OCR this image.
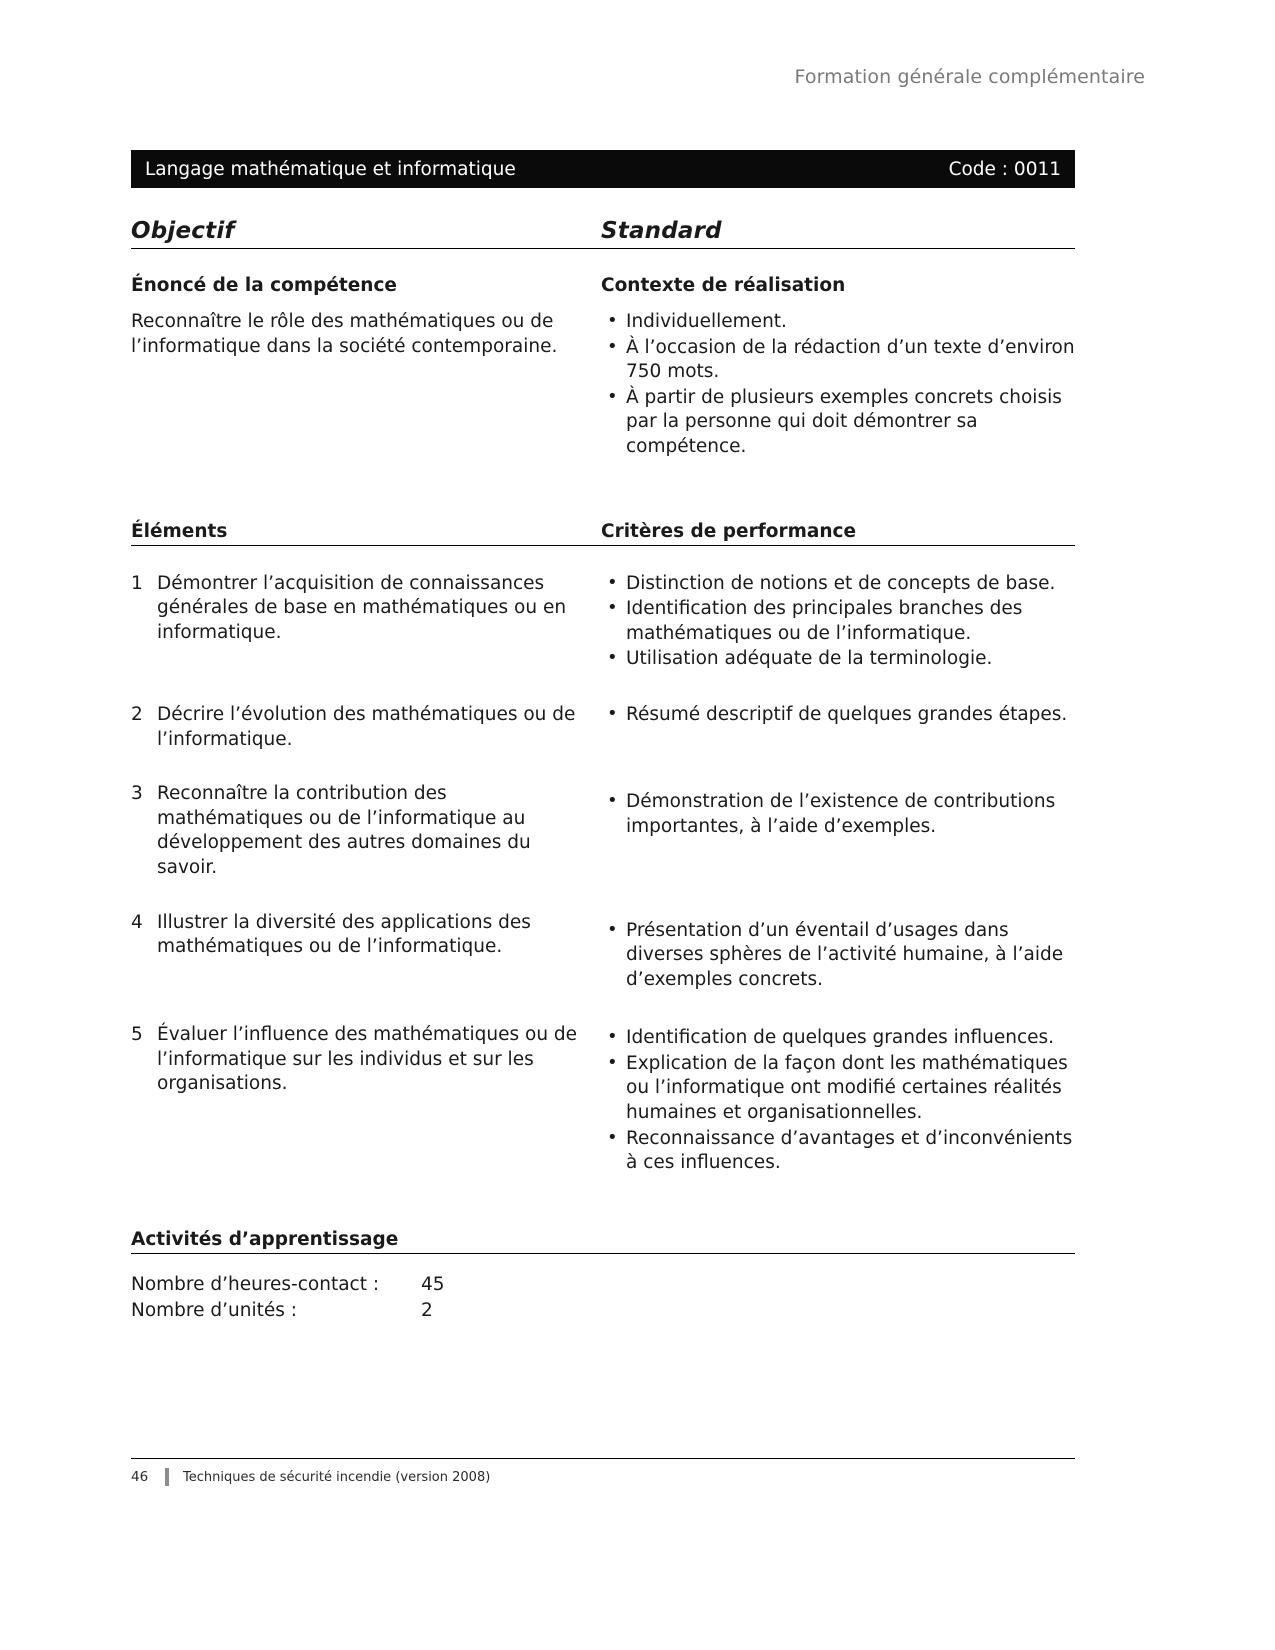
Formation générale complémentaire
Langage mathématique et informatique	Code : 0011
Objectif	Standard
Énoncé de la compétence
Reconnaître le rôle des mathématiques ou de l’informatique dans la société contemporaine.
Contexte de réalisation
• Individuellement.
• À l’occasion de la rédaction d’un texte d’environ 750 mots.
• À partir de plusieurs exemples concrets choisis par la personne qui doit démontrer sa compétence.
Éléments	Critères de performance
1 Démontrer l’acquisition de connaissances générales de base en mathématiques ou en informatique.
• Distinction de notions et de concepts de base.
• Identification des principales branches des mathématiques ou de l’informatique.
• Utilisation adéquate de la terminologie.
2 Décrire l’évolution des mathématiques ou de l’informatique.
• Résumé descriptif de quelques grandes étapes.
3 Reconnaître la contribution des mathématiques ou de l’informatique au développement des autres domaines du savoir.
• Démonstration de l’existence de contributions importantes, à l’aide d’exemples.
4 Illustrer la diversité des applications des mathématiques ou de l’informatique.
• Présentation d’un éventail d’usages dans diverses sphères de l’activité humaine, à l’aide d’exemples concrets.
5 Évaluer l’influence des mathématiques ou de l’informatique sur les individus et sur les organisations.
• Identification de quelques grandes influences.
• Explication de la façon dont les mathématiques ou l’informatique ont modifié certaines réalités humaines et organisationnelles.
• Reconnaissance d’avantages et d’inconvénients à ces influences.
Activités d’apprentissage
Nombre d’heures-contact :	45
Nombre d’unités :	2
46	Techniques de sécurité incendie (version 2008)
